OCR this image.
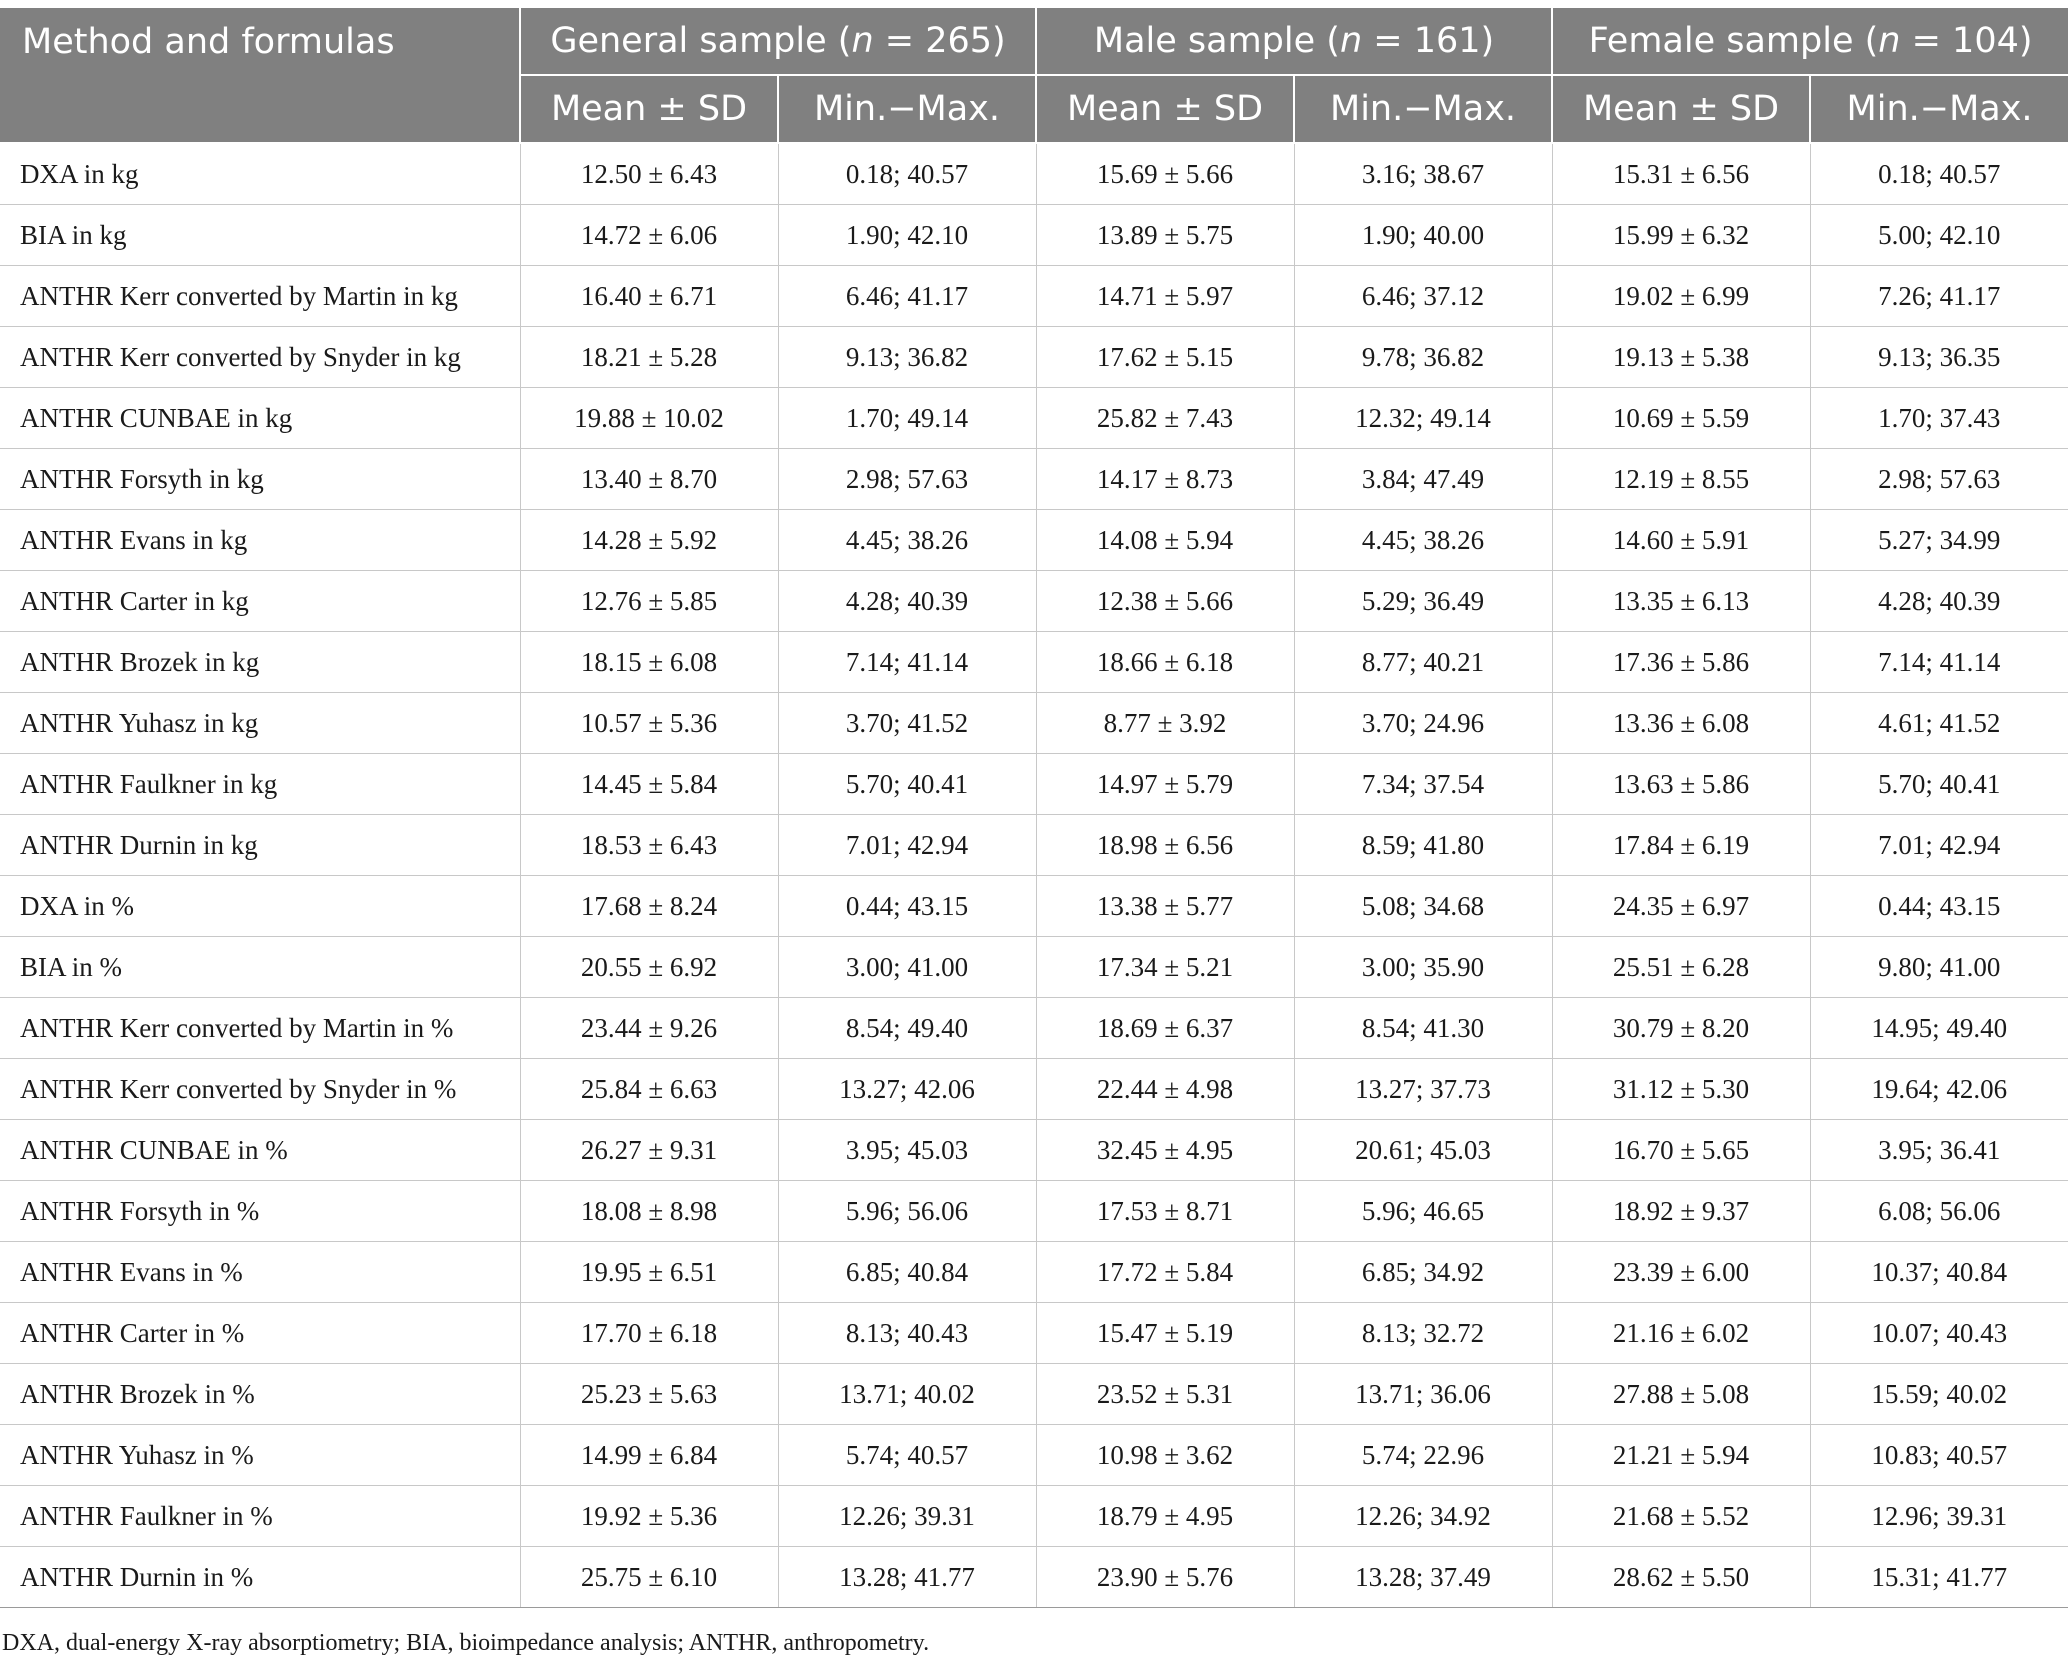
Method and formulas	General sample (n = 265)		Male sample (n = 161)		Female sample (n = 104)	
	Mean ± SD	Min.−Max.	Mean ± SD	Min.−Max.	Mean ± SD	Min.−Max.
DXA in kg	12.50 ± 6.43	0.18; 40.57	15.69 ± 5.66	3.16; 38.67	15.31 ± 6.56	0.18; 40.57
BIA in kg	14.72 ± 6.06	1.90; 42.10	13.89 ± 5.75	1.90; 40.00	15.99 ± 6.32	5.00; 42.10
ANTHR Kerr converted by Martin in kg	16.40 ± 6.71	6.46; 41.17	14.71 ± 5.97	6.46; 37.12	19.02 ± 6.99	7.26; 41.17
ANTHR Kerr converted by Snyder in kg	18.21 ± 5.28	9.13; 36.82	17.62 ± 5.15	9.78; 36.82	19.13 ± 5.38	9.13; 36.35
ANTHR CUNBAE in kg	19.88 ± 10.02	1.70; 49.14	25.82 ± 7.43	12.32; 49.14	10.69 ± 5.59	1.70; 37.43
ANTHR Forsyth in kg	13.40 ± 8.70	2.98; 57.63	14.17 ± 8.73	3.84; 47.49	12.19 ± 8.55	2.98; 57.63
ANTHR Evans in kg	14.28 ± 5.92	4.45; 38.26	14.08 ± 5.94	4.45; 38.26	14.60 ± 5.91	5.27; 34.99
ANTHR Carter in kg	12.76 ± 5.85	4.28; 40.39	12.38 ± 5.66	5.29; 36.49	13.35 ± 6.13	4.28; 40.39
ANTHR Brozek in kg	18.15 ± 6.08	7.14; 41.14	18.66 ± 6.18	8.77; 40.21	17.36 ± 5.86	7.14; 41.14
ANTHR Yuhasz in kg	10.57 ± 5.36	3.70; 41.52	8.77 ± 3.92	3.70; 24.96	13.36 ± 6.08	4.61; 41.52
ANTHR Faulkner in kg	14.45 ± 5.84	5.70; 40.41	14.97 ± 5.79	7.34; 37.54	13.63 ± 5.86	5.70; 40.41
ANTHR Durnin in kg	18.53 ± 6.43	7.01; 42.94	18.98 ± 6.56	8.59; 41.80	17.84 ± 6.19	7.01; 42.94
DXA in %	17.68 ± 8.24	0.44; 43.15	13.38 ± 5.77	5.08; 34.68	24.35 ± 6.97	0.44; 43.15
BIA in %	20.55 ± 6.92	3.00; 41.00	17.34 ± 5.21	3.00; 35.90	25.51 ± 6.28	9.80; 41.00
ANTHR Kerr converted by Martin in %	23.44 ± 9.26	8.54; 49.40	18.69 ± 6.37	8.54; 41.30	30.79 ± 8.20	14.95; 49.40
ANTHR Kerr converted by Snyder in %	25.84 ± 6.63	13.27; 42.06	22.44 ± 4.98	13.27; 37.73	31.12 ± 5.30	19.64; 42.06
ANTHR CUNBAE in %	26.27 ± 9.31	3.95; 45.03	32.45 ± 4.95	20.61; 45.03	16.70 ± 5.65	3.95; 36.41
ANTHR Forsyth in %	18.08 ± 8.98	5.96; 56.06	17.53 ± 8.71	5.96; 46.65	18.92 ± 9.37	6.08; 56.06
ANTHR Evans in %	19.95 ± 6.51	6.85; 40.84	17.72 ± 5.84	6.85; 34.92	23.39 ± 6.00	10.37; 40.84
ANTHR Carter in %	17.70 ± 6.18	8.13; 40.43	15.47 ± 5.19	8.13; 32.72	21.16 ± 6.02	10.07; 40.43
ANTHR Brozek in %	25.23 ± 5.63	13.71; 40.02	23.52 ± 5.31	13.71; 36.06	27.88 ± 5.08	15.59; 40.02
ANTHR Yuhasz in %	14.99 ± 6.84	5.74; 40.57	10.98 ± 3.62	5.74; 22.96	21.21 ± 5.94	10.83; 40.57
ANTHR Faulkner in %	19.92 ± 5.36	12.26; 39.31	18.79 ± 4.95	12.26; 34.92	21.68 ± 5.52	12.96; 39.31
ANTHR Durnin in %	25.75 ± 6.10	13.28; 41.77	23.90 ± 5.76	13.28; 37.49	28.62 ± 5.50	15.31; 41.77
DXA, dual-energy X-ray absorptiometry; BIA, bioimpedance analysis; ANTHR, anthropometry.
